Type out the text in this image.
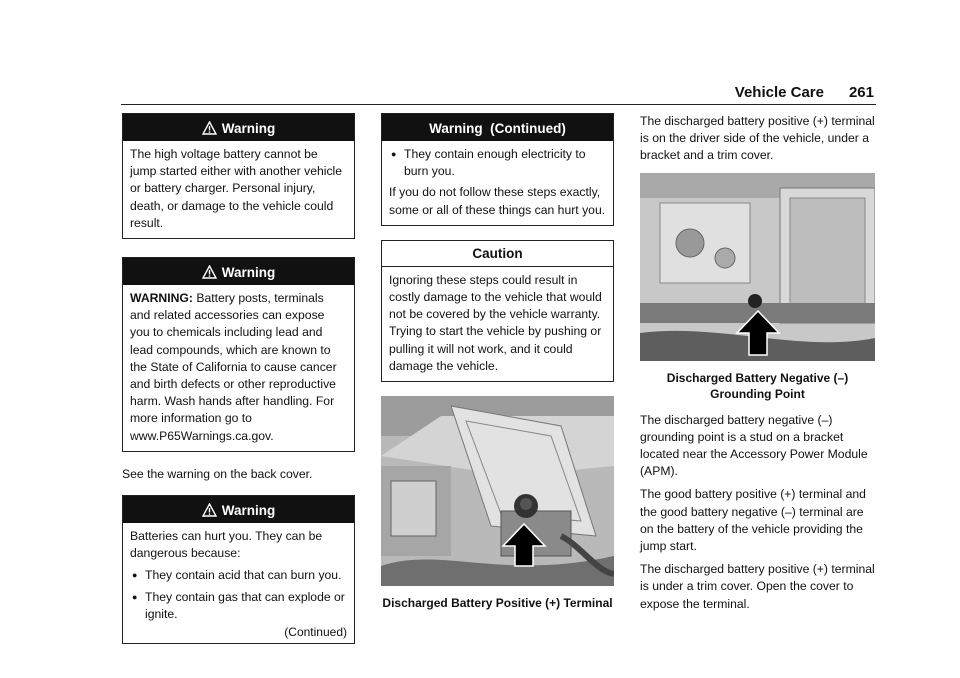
Vehicle Care 261
Warning

The high voltage battery cannot be jump started either with another vehicle or battery charger. Personal injury, death, or damage to the vehicle could result.

Warning

WARNING: Battery posts, terminals and related accessories can expose you to chemicals including lead and lead compounds, which are known to the State of California to cause cancer and birth defects or other reproductive harm. Wash hands after handling. For more information go to www.P65Warnings.ca.gov.

See the warning on the back cover.

Warning

Batteries can hurt you. They can be dangerous because:

● They contain acid that can burn you.
● They contain gas that can explode or ignite.
(Continued)
Warning  (Continued)
● They contain enough electricity to burn you.

If you do not follow these steps exactly, some or all of these things can hurt you.

Caution

Ignoring these steps could result in costly damage to the vehicle that would not be covered by the vehicle warranty. Trying to start the vehicle by pushing or pulling it will not work, and it could damage the vehicle.

Discharged Battery Positive (+) Terminal

The discharged battery positive (+) terminal is on the driver side of the vehicle, under a bracket and a trim cover.

Discharged Battery Negative (–) Grounding Point

The discharged battery negative (–) grounding point is a stud on a bracket located near the Accessory Power Module (APM).

The good battery positive (+) terminal and the good battery negative (–) terminal are on the battery of the vehicle providing the jump start.

The discharged battery positive (+) terminal is under a trim cover. Open the cover to expose the terminal.
